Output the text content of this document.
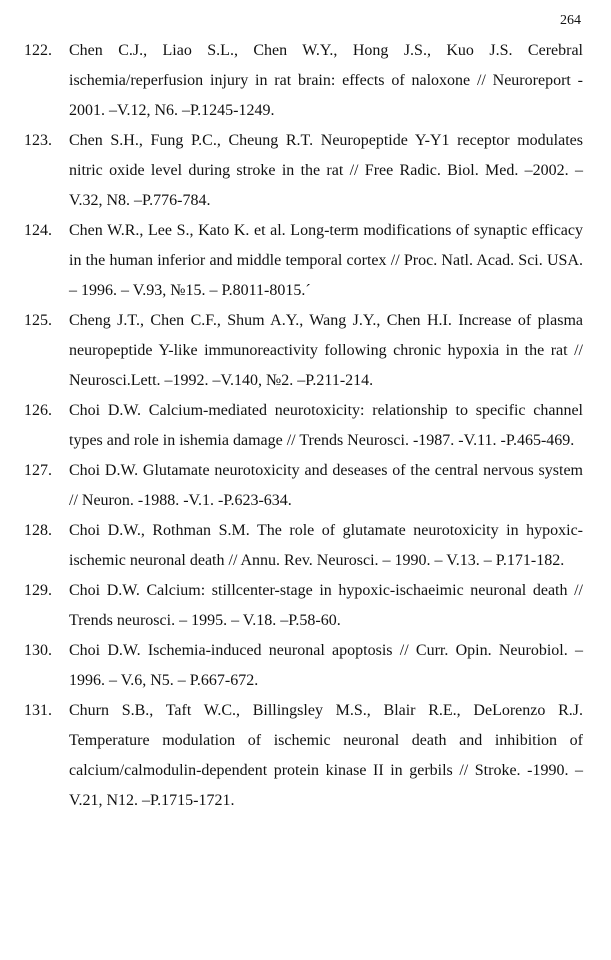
264
122. Chen C.J., Liao S.L., Chen W.Y., Hong J.S., Kuo J.S. Cerebral ischemia/reperfusion injury in rat brain: effects of naloxone // Neuroreport - 2001. –V.12, N6. –P.1245-1249.
123. Chen S.H., Fung P.C., Cheung R.T. Neuropeptide Y-Y1 receptor modulates nitric oxide level during stroke in the rat // Free Radic. Biol. Med. –2002. –V.32, N8. –P.776-784.
124. Chen W.R., Lee S., Kato K. et al. Long-term modifications of synaptic efficacy in the human inferior and middle temporal cortex // Proc. Natl. Acad. Sci. USA. – 1996. – V.93, №15. – P.8011-8015.´
125. Cheng J.T., Chen C.F., Shum A.Y., Wang J.Y., Chen H.I. Increase of plasma neuropeptide Y-like immunoreactivity following chronic hypoxia in the rat // Neurosci.Lett. –1992. –V.140, №2. –P.211-214.
126. Choi D.W. Calcium-mediated neurotoxicity: relationship to specific channel types and role in ishemia damage // Trends Neurosci. -1987. -V.11. -P.465-469.
127. Choi D.W. Glutamate neurotoxicity and deseases of the central nervous system // Neuron. -1988. -V.1. -P.623-634.
128. Choi D.W., Rothman S.M. The role of glutamate neurotoxicity in hypoxic-ischemic neuronal death // Annu. Rev. Neurosci. – 1990. – V.13. – P.171-182.
129. Choi D.W. Calcium: stillcenter-stage in hypoxic-ischaeimic neuronal death // Trends neurosci. – 1995. – V.18. –P.58-60.
130. Choi D.W. Ischemia-induced neuronal apoptosis // Curr. Opin. Neurobiol. – 1996. – V.6, N5. – P.667-672.
131. Churn S.B., Taft W.C., Billingsley M.S., Blair R.E., DeLorenzo R.J. Temperature modulation of ischemic neuronal death and inhibition of calcium/calmodulin-dependent protein kinase II in gerbils // Stroke. -1990. –V.21, N12. –P.1715-1721.
